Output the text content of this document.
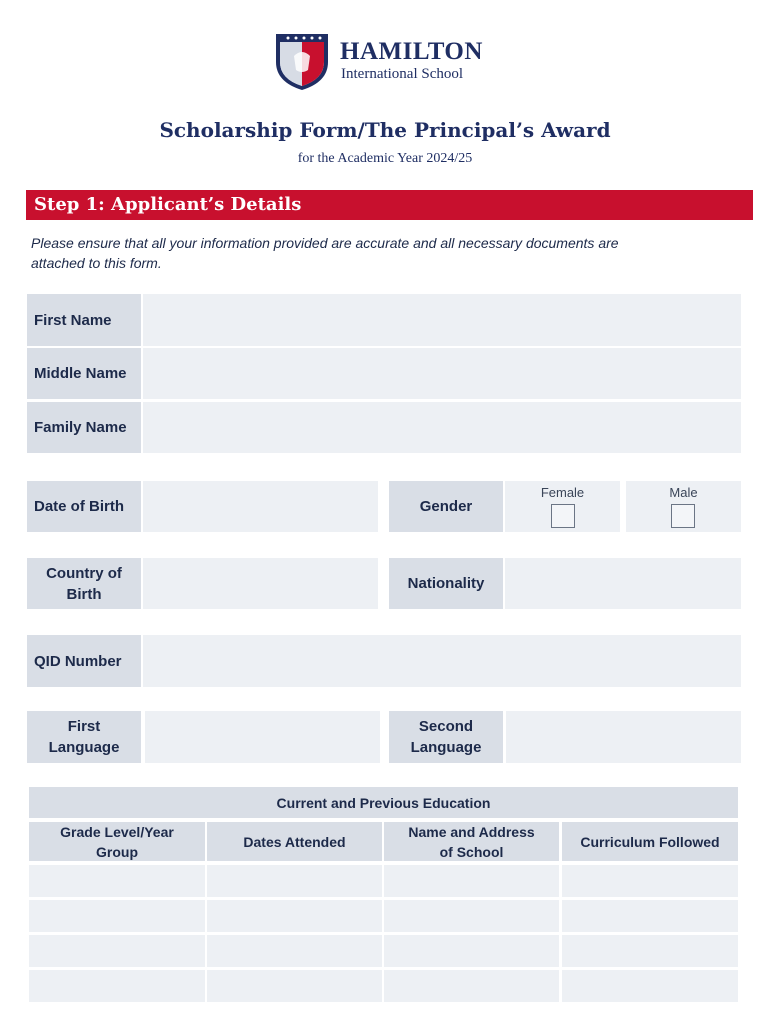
HAMILTON
International School
Scholarship Form/The Principal’s Award
for the Academic Year 2024/25
Step 1: Applicant’s Details
Please ensure that all your information provided are accurate and all necessary documents are
attached to this form.
First Name
Middle Name
Family Name
Date of Birth	Gender
Female	Male
Country of
Birth
Nationality
QID Number
First
Language
Second
Language
Current and Previous Education
Grade Level/Year
Group
Dates Attended
Name and Address
of School
Curriculum Followed
